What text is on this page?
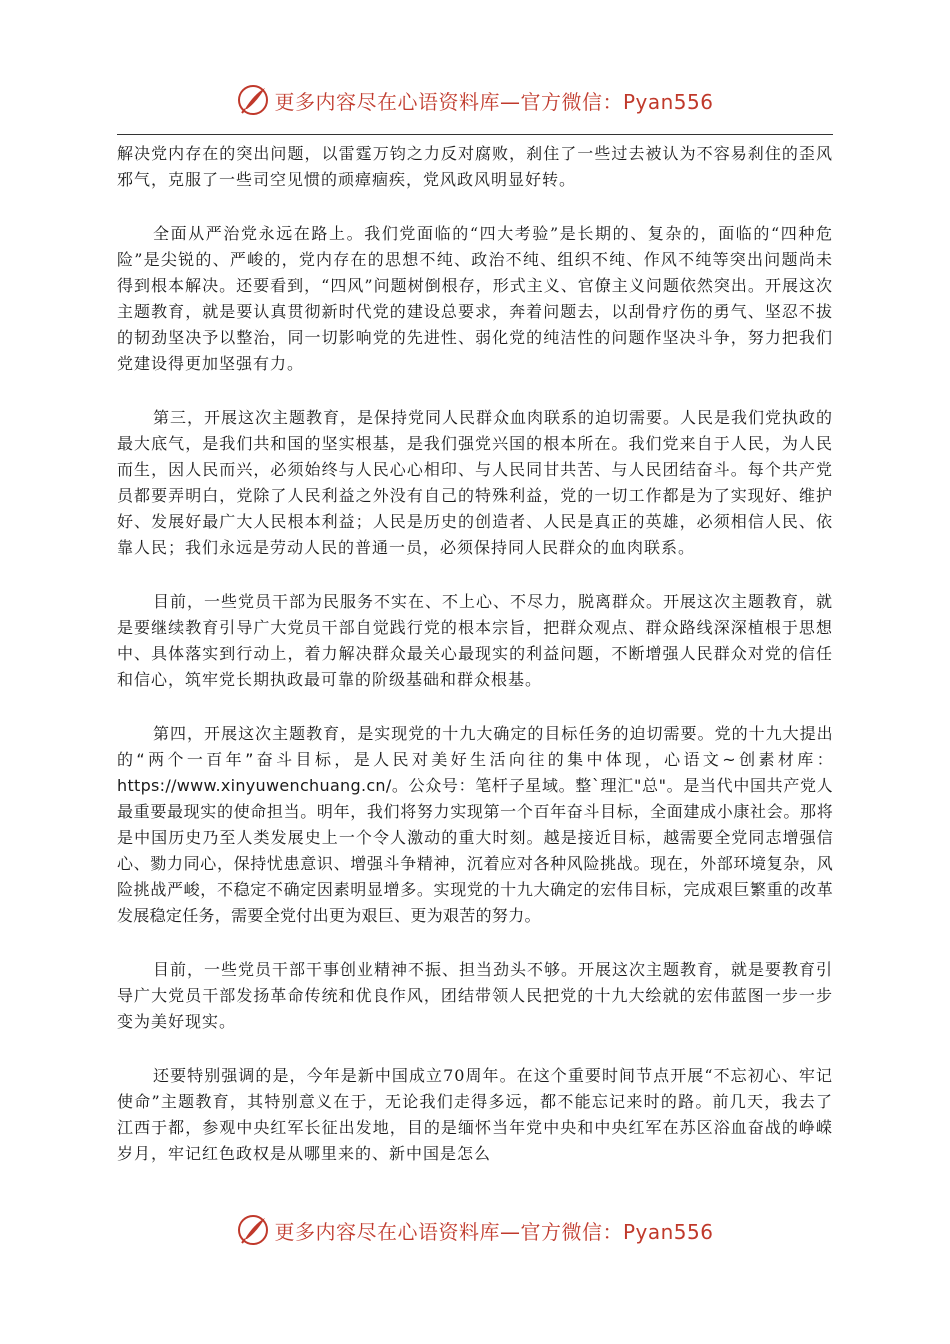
更多内容尽在心语资料库—官方微信：Pyan556

解决党内存在的突出问题，以雷霆万钧之力反对腐败，刹住了一些过去被认为不容易刹住的歪风邪气，克服了一些司空见惯的顽瘴痼疾，党风政风明显好转。

全面从严治党永远在路上。我们党面临的“四大考验”是长期的、复杂的，面临的“四种危险”是尖锐的、严峻的，党内存在的思想不纯、政治不纯、组织不纯、作风不纯等突出问题尚未得到根本解决。还要看到，“四风”问题树倒根存，形式主义、官僚主义问题依然突出。开展这次主题教育，就是要认真贯彻新时代党的建设总要求，奔着问题去，以刮骨疗伤的勇气、坚忍不拔的韧劲坚决予以整治，同一切影响党的先进性、弱化党的纯洁性的问题作坚决斗争，努力把我们党建设得更加坚强有力。

第三，开展这次主题教育，是保持党同人民群众血肉联系的迫切需要。人民是我们党执政的最大底气，是我们共和国的坚实根基，是我们强党兴国的根本所在。我们党来自于人民，为人民而生，因人民而兴，必须始终与人民心心相印、与人民同甘共苦、与人民团结奋斗。每个共产党员都要弄明白，党除了人民利益之外没有自己的特殊利益，党的一切工作都是为了实现好、维护好、发展好最广大人民根本利益；人民是历史的创造者、人民是真正的英雄，必须相信人民、依靠人民；我们永远是劳动人民的普通一员，必须保持同人民群众的血肉联系。

目前，一些党员干部为民服务不实在、不上心、不尽力，脱离群众。开展这次主题教育，就是要继续教育引导广大党员干部自觉践行党的根本宗旨，把群众观点、群众路线深深植根于思想中、具体落实到行动上，着力解决群众最关心最现实的利益问题，不断增强人民群众对党的信任和信心，筑牢党长期执政最可靠的阶级基础和群众根基。

第四，开展这次主题教育，是实现党的十九大确定的目标任务的迫切需要。党的十九大提出的“两个一百年”奋斗目标，是人民对美好生活向往的集中体现，心语文~创素材库：https://www.xinyuwenchuang.cn/。公众号：笔杆子星域。整`理汇"总"。是当代中国共产党人最重要最现实的使命担当。明年，我们将努力实现第一个百年奋斗目标，全面建成小康社会。那将是中国历史乃至人类发展史上一个令人激动的重大时刻。越是接近目标，越需要全党同志增强信心、勠力同心，保持忧患意识、增强斗争精神，沉着应对各种风险挑战。现在，外部环境复杂，风险挑战严峻，不稳定不确定因素明显增多。实现党的十九大确定的宏伟目标，完成艰巨繁重的改革发展稳定任务，需要全党付出更为艰巨、更为艰苦的努力。

目前，一些党员干部干事创业精神不振、担当劲头不够。开展这次主题教育，就是要教育引导广大党员干部发扬革命传统和优良作风，团结带领人民把党的十九大绘就的宏伟蓝图一步一步变为美好现实。

还要特别强调的是，今年是新中国成立70周年。在这个重要时间节点开展“不忘初心、牢记使命”主题教育，其特别意义在于，无论我们走得多远，都不能忘记来时的路。前几天，我去了江西于都，参观中央红军长征出发地，目的是缅怀当年党中央和中央红军在苏区浴血奋战的峥嵘岁月，牢记红色政权是从哪里来的、新中国是怎么

更多内容尽在心语资料库—官方微信：Pyan556
